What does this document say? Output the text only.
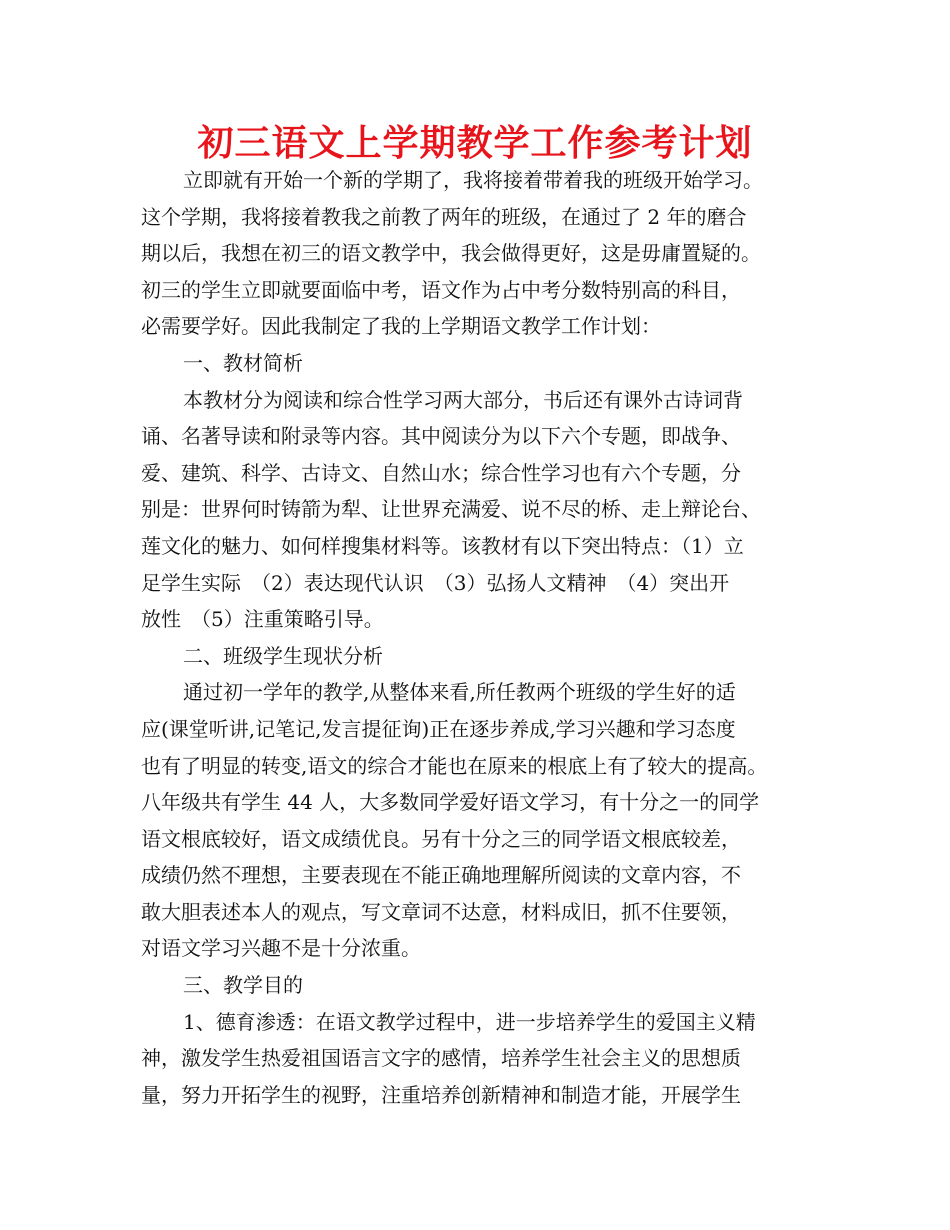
初三语文上学期教学工作参考计划
立即就有开始一个新的学期了，我将接着带着我的班级开始学习。
这个学期，我将接着教我之前教了两年的班级，在通过了 2 年的磨合
期以后，我想在初三的语文教学中，我会做得更好，这是毋庸置疑的。
初三的学生立即就要面临中考，语文作为占中考分数特别高的科目，
必需要学好。因此我制定了我的上学期语文教学工作计划：
一、教材简析
本教材分为阅读和综合性学习两大部分，书后还有课外古诗词背
诵、名著导读和附录等内容。其中阅读分为以下六个专题，即战争、
爱、建筑、科学、古诗文、自然山水；综合性学习也有六个专题，分
别是：世界何时铸箭为犁、让世界充满爱、说不尽的桥、走上辩论台、
莲文化的魅力、如何样搜集材料等。该教材有以下突出特点：（1）立
足学生实际　（2）表达现代认识　（3）弘扬人文精神　（4）突出开
放性　（5）注重策略引导。
二、班级学生现状分析
通过初一学年的教学,从整体来看,所任教两个班级的学生好的适
应(课堂听讲,记笔记,发言提征询)正在逐步养成,学习兴趣和学习态度
也有了明显的转变,语文的综合才能也在原来的根底上有了较大的提高。
八年级共有学生 44 人，大多数同学爱好语文学习，有十分之一的同学
语文根底较好，语文成绩优良。另有十分之三的同学语文根底较差，
成绩仍然不理想，主要表现在不能正确地理解所阅读的文章内容，不
敢大胆表述本人的观点，写文章词不达意，材料成旧，抓不住要领，
对语文学习兴趣不是十分浓重。
三、教学目的
1、德育渗透：在语文教学过程中，进一步培养学生的爱国主义精
神，激发学生热爱祖国语言文字的感情，培养学生社会主义的思想质
量，努力开拓学生的视野，注重培养创新精神和制造才能，开展学生
